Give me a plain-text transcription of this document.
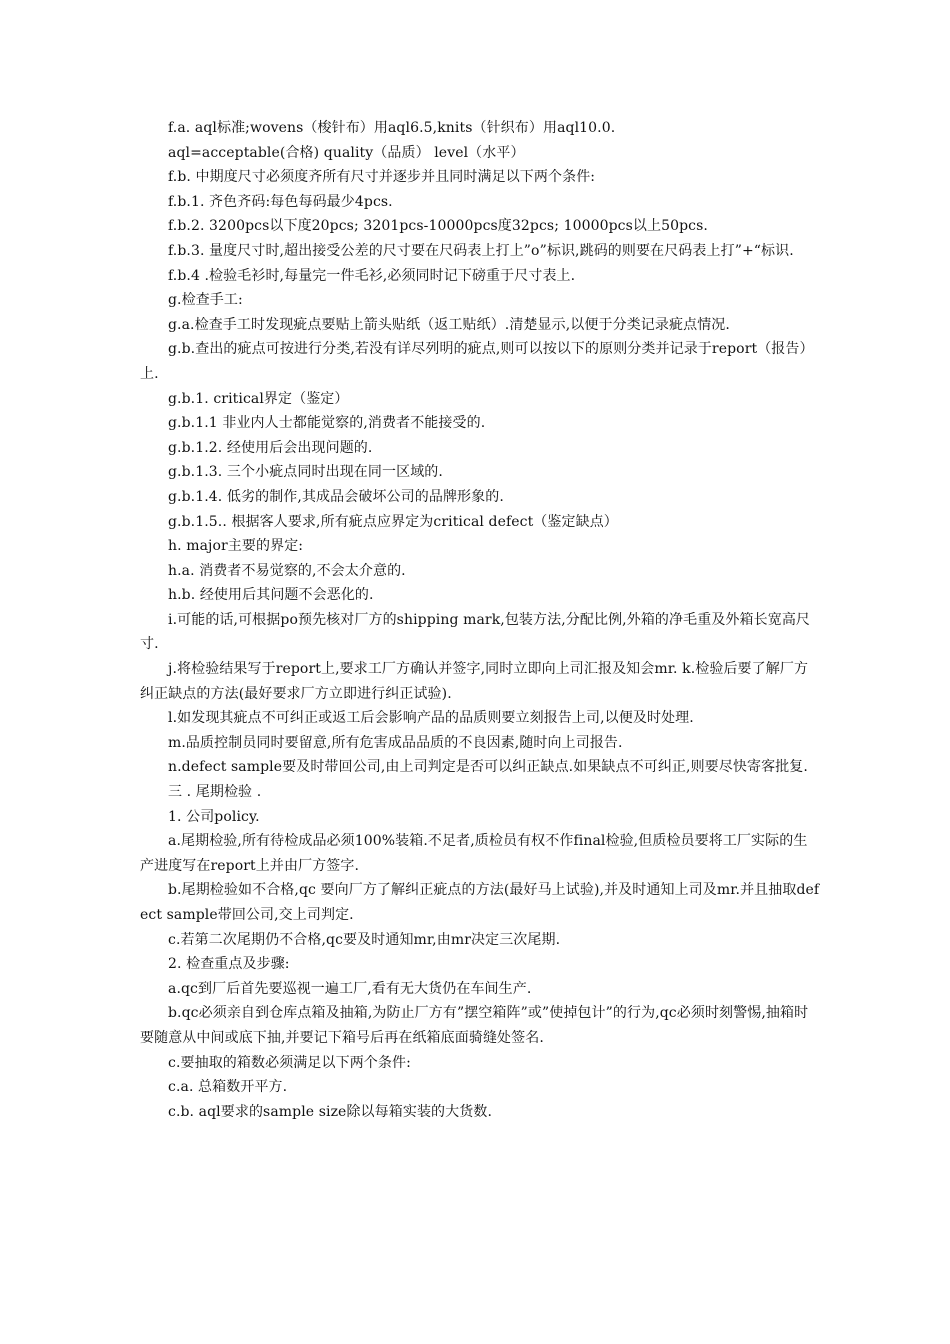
f.a. aql标准;wovens（梭针布）用aql6.5,knits（针织布）用aql10.0.

aql=acceptable(合格) quality（品质） level（水平）

f.b. 中期度尺寸必须度齐所有尺寸并逐步并且同时满足以下两个条件:

f.b.1. 齐色齐码:每色每码最少4pcs.

f.b.2. 3200pcs以下度20pcs; 3201pcs-10000pcs度32pcs; 10000pcs以上50pcs.

f.b.3. 量度尺寸时,超出接受公差的尺寸要在尺码表上打上”o”标识,跳码的则要在尺码表上打”+“标识.

f.b.4 .检验毛衫时,每量完一件毛衫,必须同时记下磅重于尺寸表上.

g.检查手工:

g.a.检查手工时发现疵点要贴上箭头贴纸（返工贴纸）.清楚显示,以便于分类记录疵点情况.

g.b.查出的疵点可按进行分类,若没有详尽列明的疵点,则可以按以下的原则分类并记录于report（报告）上.

g.b.1. critical界定（鉴定）

g.b.1.1 非业内人士都能觉察的,消费者不能接受的.

g.b.1.2. 经使用后会出现问题的.

g.b.1.3. 三个小疵点同时出现在同一区域的.

g.b.1.4. 低劣的制作,其成品会破坏公司的品牌形象的.

g.b.1.5.. 根据客人要求,所有疵点应界定为critical defect（鉴定缺点）

h. major主要的界定:

h.a. 消费者不易觉察的,不会太介意的.

h.b. 经使用后其问题不会恶化的.

i.可能的话,可根据po预先核对厂方的shipping mark,包装方法,分配比例,外箱的净毛重及外箱长宽高尺寸.

j.将检验结果写于report上,要求工厂方确认并签字,同时立即向上司汇报及知会mr. k.检验后要了解厂方纠正缺点的方法(最好要求厂方立即进行纠正试验).

l.如发现其疵点不可纠正或返工后会影响产品的品质则要立刻报告上司,以便及时处理.

m.品质控制员同时要留意,所有危害成品品质的不良因素,随时向上司报告.

n.defect sample要及时带回公司,由上司判定是否可以纠正缺点.如果缺点不可纠正,则要尽快寄客批复.

三 . 尾期检验 .

1. 公司policy.

a.尾期检验,所有待检成品必须100%装箱.不足者,质检员有权不作final检验,但质检员要将工厂实际的生产进度写在report上并由厂方签字.

b.尾期检验如不合格,qc 要向厂方了解纠正疵点的方法(最好马上试验),并及时通知上司及mr.并且抽取defect sample带回公司,交上司判定.

c.若第二次尾期仍不合格,qc要及时通知mr,由mr决定三次尾期.

2. 检查重点及步骤:

a.qc到厂后首先要巡视一遍工厂,看有无大货仍在车间生产.

b.qc必须亲自到仓库点箱及抽箱,为防止厂方有”摆空箱阵”或”使掉包计”的行为,qc必须时刻警惕,抽箱时要随意从中间或底下抽,并要记下箱号后再在纸箱底面骑缝处签名.

c.要抽取的箱数必须满足以下两个条件:

c.a. 总箱数开平方.

c.b. aql要求的sample size除以每箱实装的大货数.
